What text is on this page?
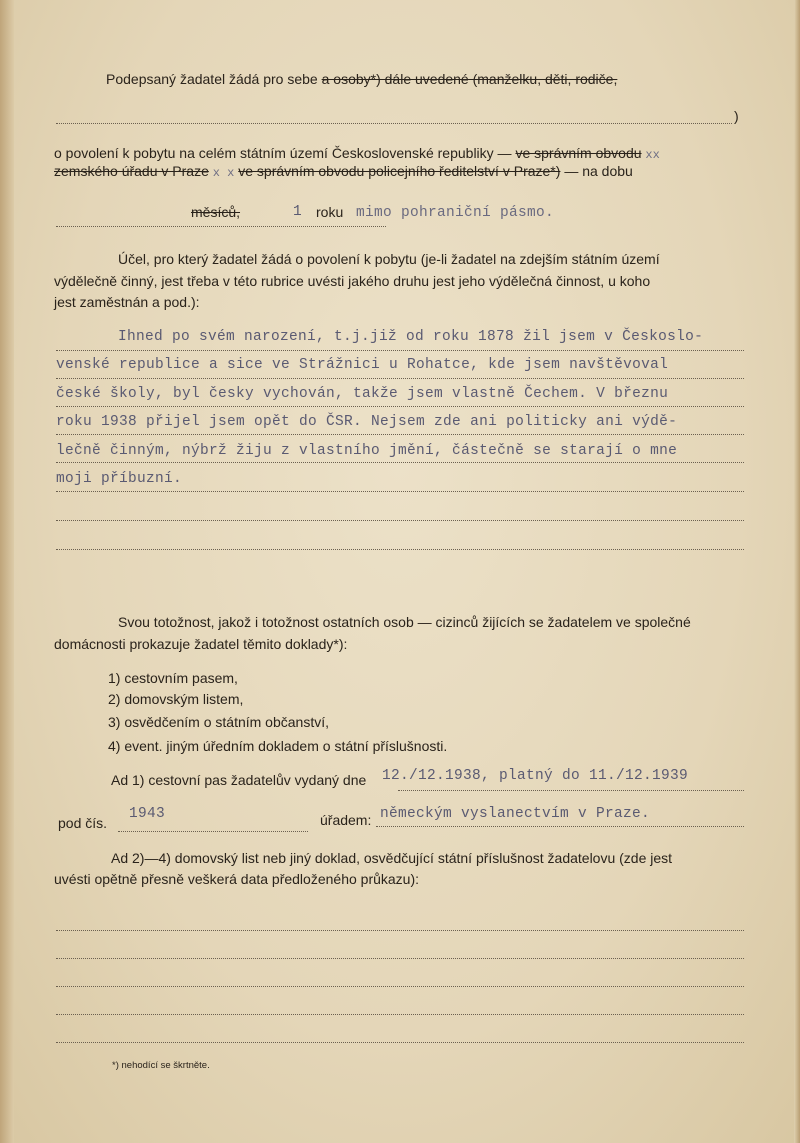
Podepsaný žadatel žádá pro sebe a osoby*) dále uvedené (manželku, děti, rodiče,
)
o povolení k pobytu na celém státním území Československé republiky — ve správním obvodu xx
zemského úřadu v Praze x x ve správním obvodu policejního ředitelství v Praze*) — na dobu
měsíců,	1 roku mimo pohraniční pásmo.
Účel, pro který žadatel žádá o povolení k pobytu (je-li žadatel na zdejším státním území
výdělečně činný, jest třeba v této rubrice uvésti jakého druhu jest jeho výdělečná činnost, u koho
jest zaměstnán a pod.):
Ihned po svém narození, t.j.již od roku 1878 žil jsem v Českoslo-
venské republice a sice ve Strážnici u Rohatce, kde jsem navštěvoval
české školy, byl česky vychován, takže jsem vlastně Čechem. V březnu
roku 1938 přijel jsem opět do ČSR. Nejsem zde ani politicky ani výdě-
lečně činným, nýbrž žiju z vlastního jmění, částečně se starají o mne
moji příbuzní.
Svou totožnost, jakož i totožnost ostatních osob — cizinců žijících se žadatelem ve společné
domácnosti prokazuje žadatel těmito doklady*):
1) cestovním pasem,
2) domovským listem,
3) osvědčením o státním občanství,
4) event. jiným úředním dokladem o státní příslušnosti.
Ad 1) cestovní pas žadatelův vydaný dne 12./12.1938, platný do 11./12.1939
pod čís.
1943	úřadem: německým vyslanectvím v Praze.
Ad 2)—4) domovský list neb jiný doklad, osvědčující státní příslušnost žadatelovu (zde jest
uvésti opětně přesně veškerá data předloženého průkazu):
*) nehodící se škrtněte.
